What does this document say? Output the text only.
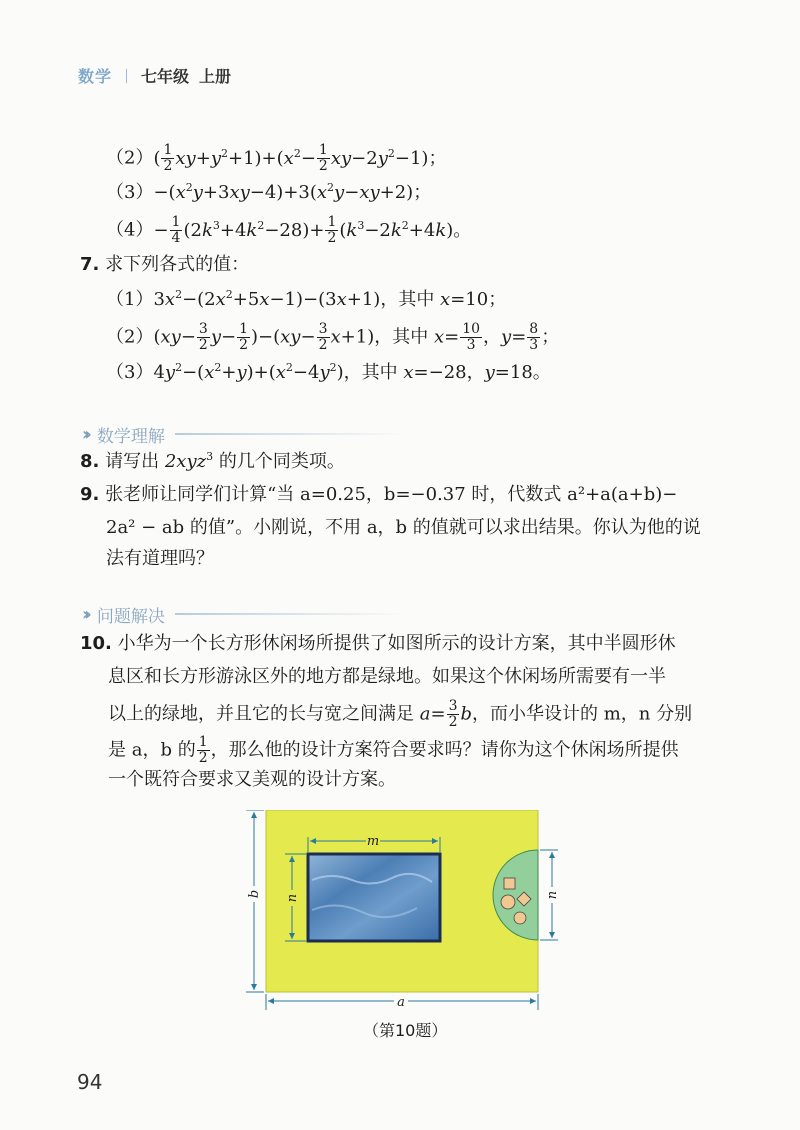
数学 七年级 上册
$(2)( \frac{1}{2} xy+y^2+1)+(x^2- \frac{1}{2} xy-2y^2-1)$；
$(3)-(x^2y+3xy-4)+3(x^2y-xy+2)$；
$(4)- \frac{1}{4} (2k^3+4k^2-28)+ \frac{1}{2} (k^3-2k^2+4k)$。
7. 求下列各式的值：
$(1)3x^2-(2x^2+5x-1)-(3x+1)$，其中 x=10；
$(2)(xy- \frac{3}{2} y- \frac{1}{2} )-(xy- \frac{3}{2} x+1)$，其中 $x= \frac{10}{3}$ ，$y= \frac{8}{3}$ ；
$(3)4y^2-(x^2+y)+(x^2-4y^2)$，其中 x=−28，y=18。
›› 数学理解
8. 请写出 2xyz$^3$ 的几个同类项。
9. 张老师让同学们计算“当 a=0.25，b=−0.37 时，代数式 a²+a(a+b)−
2a² − ab 的值”。小刚说，不用 a，b 的值就可以求出结果。你认为他的说
法有道理吗？
›› 问题解决
10. 小华为一个长方形休闲场所提供了如图所示的设计方案，其中半圆形休
息区和长方形游泳区外的地方都是绿地。如果这个休闲场所需要有一半
以上的绿地，并且它的长与宽之间满足 $a= \frac{3}{2}$ b，而小华设计的 m，n 分别
是 a，b 的 $\frac{1}{2}$ ，那么他的设计方案符合要求吗？请你为这个休闲场所提供
一个既符合要求又美观的设计方案。
m
n	n
b
a
（第10题）
94
